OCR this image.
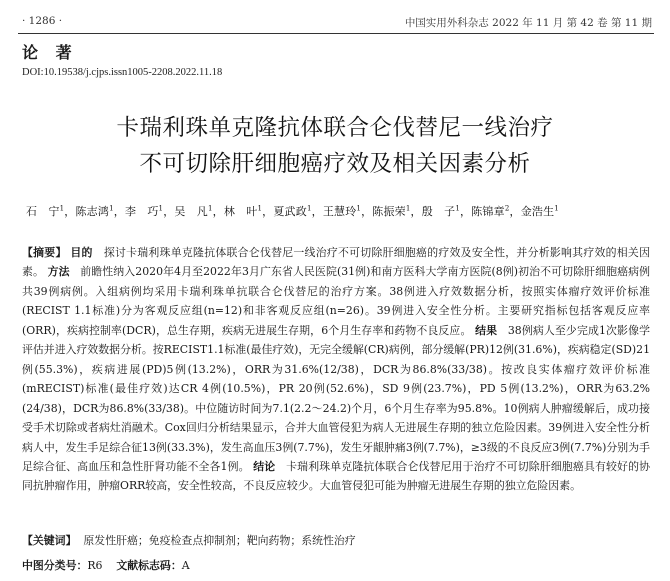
· 1286 ·	中国实用外科杂志 2022 年 11 月 第 42 卷 第 11 期
论 著
DOI:10.19538/j.cjps.issn1005-2208.2022.11.18
卡瑞利珠单克隆抗体联合仑伐替尼一线治疗
不可切除肝细胞癌疗效及相关因素分析
石　宁$^1$，陈志鸿$^1$，李　巧$^1$，吴　凡$^1$，林　叶$^1$，夏武政$^1$，王慧玲$^1$，陈振荣$^1$，殷　子$^1$，陈锦章$^2$，金浩生$^1$
【摘要】 目的 探讨卡瑞利珠单克隆抗体联合仑伐替尼一线治疗不可切除肝细胞癌的疗效及安全性，并分析影响其疗效的相关因素。 方法 前瞻性纳入2020年4月至2022年3月广东省人民医院(31例)和南方医科大学南方医院(8例)初治不可切除肝细胞癌病例共39例病例。入组病例均采用卡瑞利珠单抗联合仑伐替尼的治疗方案。38例进入疗效数据分析，按照实体瘤疗效评价标准(RECIST 1.1标准)分为客观反应组(n=12)和非客观反应组(n=26)。39例进入安全性分析。主要研究指标包括客观反应率(ORR)，疾病控制率(DCR)，总生存期，疾病无进展生存期，6个月生存率和药物不良反应。 结果 38例病人至少完成1次影像学评估并进入疗效数据分析。按RECIST1.1标准(最佳疗效)，无完全缓解(CR)病例，部分缓解(PR)12例(31.6%)，疾病稳定(SD)21例(55.3%)，疾病进展(PD)5例(13.2%)，ORR为31.6%(12/38)，DCR为86.8%(33/38)。按改良实体瘤疗效评价标准(mRECIST)标准(最佳疗效)达CR 4例(10.5%)，PR 20例(52.6%)，SD 9例(23.7%)，PD 5例(13.2%)，ORR为63.2%(24/38)，DCR为86.8%(33/38)。中位随访时间为7.1(2.2～24.2)个月，6个月生存率为95.8%。10例病人肿瘤缓解后，成功接受手术切除或者病灶消融术。Cox回归分析结果显示，合并大血管侵犯为病人无进展生存期的独立危险因素。39例进入安全性分析病人中，发生手足综合征13例(33.3%)，发生高血压3例(7.7%)，发生牙龈肿痛3例(7.7%)，≥3级的不良反应3例(7.7%)分别为手足综合征、高血压和急性肝肾功能不全各1例。 结论 卡瑞利珠单克隆抗体联合仑伐替尼用于治疗不可切除肝细胞癌具有较好的协同抗肿瘤作用，肿瘤ORR较高，安全性较高，不良反应较少。大血管侵犯可能为肿瘤无进展生存期的独立危险因素。
【关键词】 原发性肝癌；免疫检查点抑制剂；靶向药物；系统性治疗
中图分类号：R6 文献标志码：A
